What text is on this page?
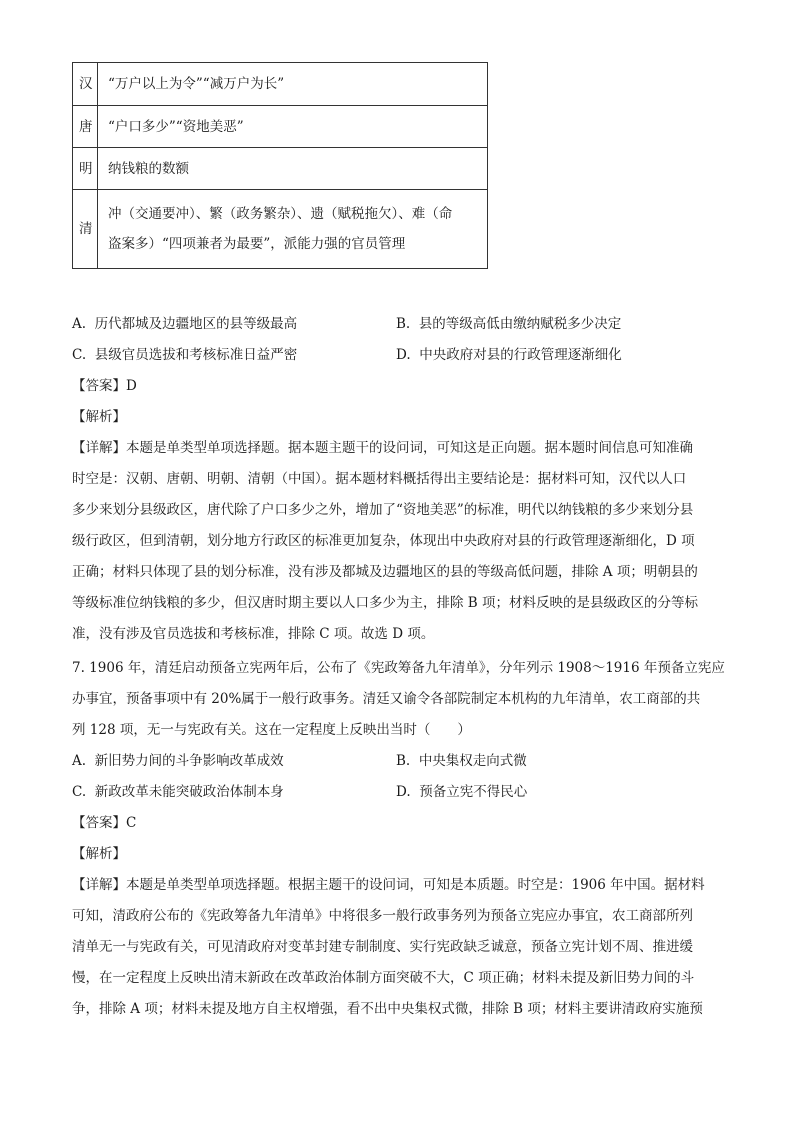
汉	“万户以上为令”“减万户为长”
唐	“户口多少”“资地美恶”
明	纳钱粮的数额
清	冲（交通要冲）、繁（政务繁杂）、遗（赋税拖欠）、难（命
盗案多）“四项兼者为最要”，派能力强的官员管理
A. 历代都城及边疆地区的县等级最高	B. 县的等级高低由缴纳赋税多少决定
C. 县级官员选拔和考核标准日益严密	D. 中央政府对县的行政管理逐渐细化
【答案】D
【解析】
【详解】本题是单类型单项选择题。据本题主题干的设问词，可知这是正向题。据本题时间信息可知准确
时空是：汉朝、唐朝、明朝、清朝（中国）。据本题材料概括得出主要结论是：据材料可知，汉代以人口
多少来划分县级政区，唐代除了户口多少之外，增加了“资地美恶”的标准，明代以纳钱粮的多少来划分县
级行政区，但到清朝，划分地方行政区的标准更加复杂，体现出中央政府对县的行政管理逐渐细化，D 项
正确；材料只体现了县的划分标准，没有涉及都城及边疆地区的县的等级高低问题，排除 A 项；明朝县的
等级标准位纳钱粮的多少，但汉唐时期主要以人口多少为主，排除 B 项；材料反映的是县级政区的分等标
准，没有涉及官员选拔和考核标准，排除 C 项。故选 D 项。
7. 1906 年，清廷启动预备立宪两年后，公布了《宪政筹备九年清单》，分年列示 1908～1916 年预备立宪应
办事宜，预备事项中有 20%属于一般行政事务。清廷又谕令各部院制定本机构的九年清单，农工商部的共
列 128 项，无一与宪政有关。这在一定程度上反映出当时（　　）
A. 新旧势力间的斗争影响改革成效	B. 中央集权走向式微
C. 新政改革未能突破政治体制本身	D. 预备立宪不得民心
【答案】C
【解析】
【详解】本题是单类型单项选择题。根据主题干的设问词，可知是本质题。时空是：1906 年中国。据材料
可知，清政府公布的《宪政筹备九年清单》中将很多一般行政事务列为预备立宪应办事宜，农工商部所列
清单无一与宪政有关，可见清政府对变革封建专制制度、实行宪政缺乏诚意，预备立宪计划不周、推进缓
慢，在一定程度上反映出清末新政在改革政治体制方面突破不大，C 项正确；材料未提及新旧势力间的斗
争，排除 A 项；材料未提及地方自主权增强，看不出中央集权式微，排除 B 项；材料主要讲清政府实施预
